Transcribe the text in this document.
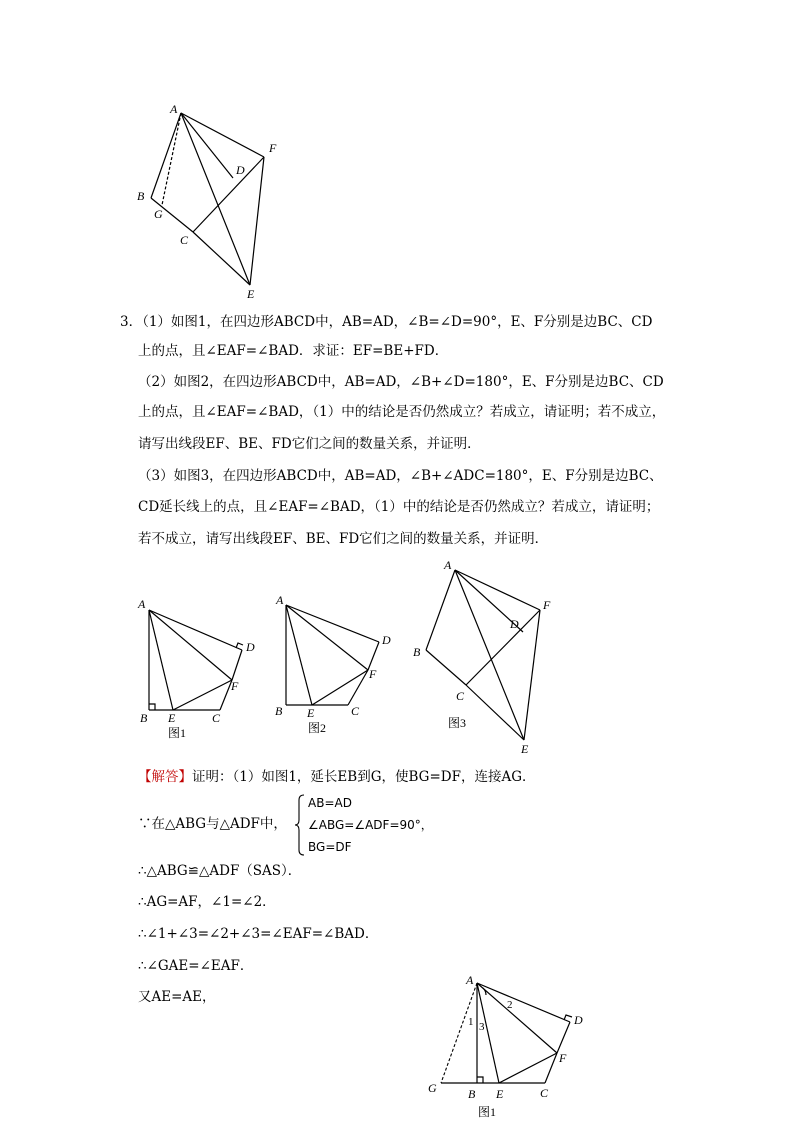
A
B
G
C
D
F
E
3．（1）如图1，在四边形ABCD中，AB=AD，∠B=∠D=90°，E、F分别是边BC、CD
上的点，且∠EAF=∠BAD．求证：EF=BE+FD．
（2）如图2，在四边形ABCD中，AB=AD，∠B+∠D=180°，E、F分别是边BC、CD
上的点，且∠EAF=∠BAD，（1）中的结论是否仍然成立？若成立，请证明；若不成立，
请写出线段EF、BE、FD它们之间的数量关系，并证明．
（3）如图3，在四边形ABCD中，AB=AD，∠B+∠ADC=180°，E、F分别是边BC、
CD延长线上的点，且∠EAF=∠BAD，（1）中的结论是否仍然成立？若成立，请证明；
若不成立，请写出线段EF、BE、FD它们之间的数量关系，并证明．
A
B E	C
D
F
图1
A
B E	C
D
F
图2
A
B
C
D
F
E
图3
【解答】证明：（1）如图1，延长EB到G，使BG=DF，连接AG．
∵在△ABG与△ADF中，
AB=AD
∠ABG=∠ADF=90°，
BG=DF
∴△ABG≌△ADF（SAS）．
∴AG=AF，∠1=∠2．
∴∠1+∠3=∠2+∠3=∠EAF=∠BAD．
∴∠GAE=∠EAF．
又AE=AE，
A
G	B E	C
D
F
1
2
3
图1
